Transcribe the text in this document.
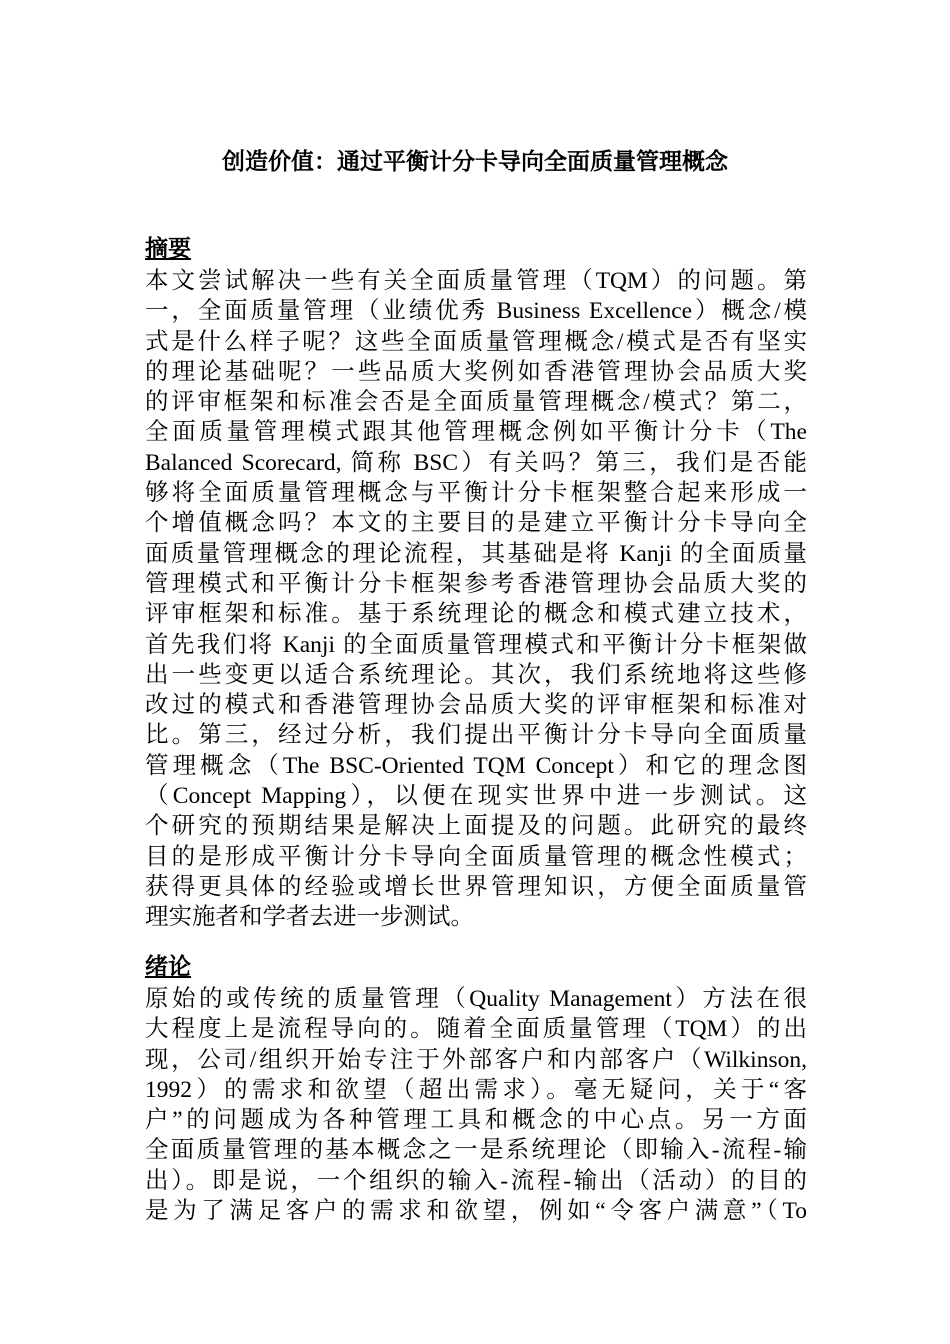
创造价值：通过平衡计分卡导向全面质量管理概念
摘要
本文尝试解决一些有关全面质量管理（TQM）的问题。第
一，全面质量管理（业绩优秀 Business Excellence）概念/模
式是什么样子呢？这些全面质量管理概念/模式是否有坚实
的理论基础呢？一些品质大奖例如香港管理协会品质大奖
的评审框架和标准会否是全面质量管理概念/模式？第二，
全面质量管理模式跟其他管理概念例如平衡计分卡（The
Balanced Scorecard, 简称 BSC）有关吗？第三，我们是否能
够将全面质量管理概念与平衡计分卡框架整合起来形成一
个增值概念吗？本文的主要目的是建立平衡计分卡导向全
面质量管理概念的理论流程，其基础是将 Kanji 的全面质量
管理模式和平衡计分卡框架参考香港管理协会品质大奖的
评审框架和标准。基于系统理论的概念和模式建立技术，
首先我们将 Kanji 的全面质量管理模式和平衡计分卡框架做
出一些变更以适合系统理论。其次，我们系统地将这些修
改过的模式和香港管理协会品质大奖的评审框架和标准对
比。第三，经过分析，我们提出平衡计分卡导向全面质量
管理概念（The BSC-Oriented TQM Concept）和它的理念图
（Concept Mapping），以便在现实世界中进一步测试。这
个研究的预期结果是解决上面提及的问题。此研究的最终
目的是形成平衡计分卡导向全面质量管理的概念性模式；
获得更具体的经验或增长世界管理知识，方便全面质量管
理实施者和学者去进一步测试。
绪论
原始的或传统的质量管理（Quality Management）方法在很
大程度上是流程导向的。随着全面质量管理（TQM）的出
现，公司/组织开始专注于外部客户和内部客户（Wilkinson,
1992）的需求和欲望（超出需求）。毫无疑问，关于“客
户”的问题成为各种管理工具和概念的中心点。另一方面
全面质量管理的基本概念之一是系统理论（即输入-流程-输
出）。即是说，一个组织的输入-流程-输出（活动）的目的
是为了满足客户的需求和欲望，例如“令客户满意”（To
